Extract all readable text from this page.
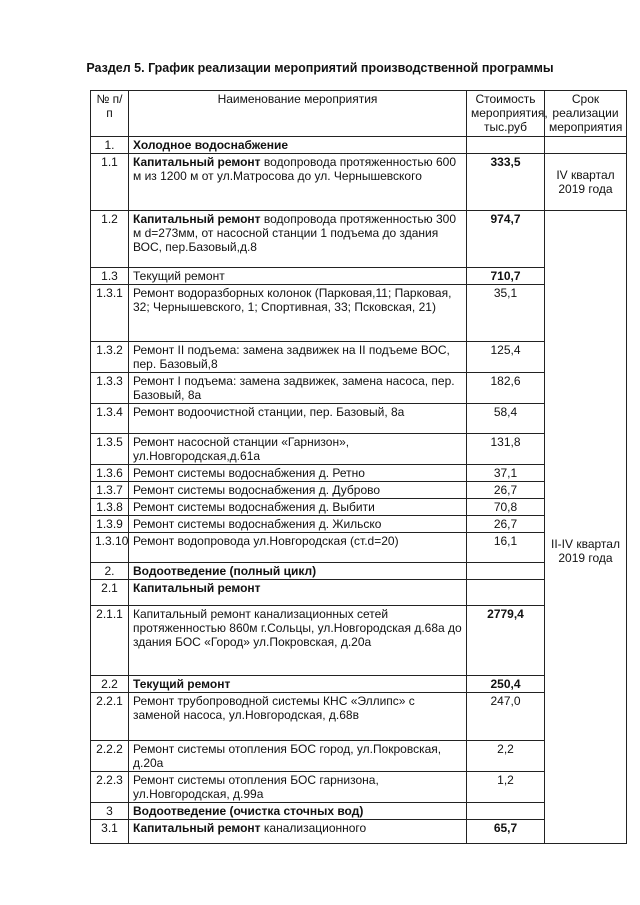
Раздел 5. График реализации мероприятий производственной программы
№ п/п	Наименование мероприятия	Стоимость мероприятия, тыс.руб	Срок реализации мероприятия
1.	Холодное водоснабжение		
1.1	Капитальный ремонт водопровода протяженностью 600 м из 1200 м от ул.Матросова до ул. Чернышевского	333,5	IV квартал 2019 года
1.2	Капитальный ремонт водопровода протяженностью 300 м d=273мм, от насосной станции 1 подъема до здания ВОС, пер.Базовый,д.8	974,7	II-IV квартал 2019 года
1.3	Текущий ремонт	710,7	
1.3.1	Ремонт водоразборных колонок (Парковая,11; Парковая, 32; Чернышевского, 1; Спортивная, 33; Псковская, 21)	35,1	
1.3.2	Ремонт II подъема: замена задвижек на II подъеме ВОС, пер. Базовый,8	125,4	
1.3.3	Ремонт I подъема: замена задвижек, замена насоса, пер. Базовый, 8а	182,6	
1.3.4	Ремонт водоочистной станции, пер. Базовый, 8а	58,4	
1.3.5	Ремонт насосной станции «Гарнизон», ул.Новгородская,д.61а	131,8	
1.3.6	Ремонт системы водоснабжения д. Ретно	37,1	
1.3.7	Ремонт системы водоснабжения д. Дуброво	26,7	
1.3.8	Ремонт системы водоснабжения д. Выбити	70,8	
1.3.9	Ремонт системы водоснабжения д. Жильско	26,7	
1.3.10	Ремонт водопровода ул.Новгородская (ст.d=20)	16,1	
2.	Водоотведение (полный цикл)		
2.1	Капитальный ремонт		
2.1.1	Капитальный ремонт канализационных сетей протяженностью 860м г.Сольцы, ул.Новгородская д.68а до здания БОС «Город» ул.Покровская, д.20а	2779,4	
2.2	Текущий ремонт	250,4	
2.2.1	Ремонт трубопроводной системы КНС «Эллипс» с заменой насоса, ул.Новгородская, д.68в	247,0	
2.2.2	Ремонт системы отопления БОС город, ул.Покровская, д.20а	2,2	
2.2.3	Ремонт системы отопления БОС гарнизона, ул.Новгородская, д.99а	1,2	
3	Водоотведение (очистка сточных вод)		
3.1	Капитальный ремонт канализационного	65,7	
